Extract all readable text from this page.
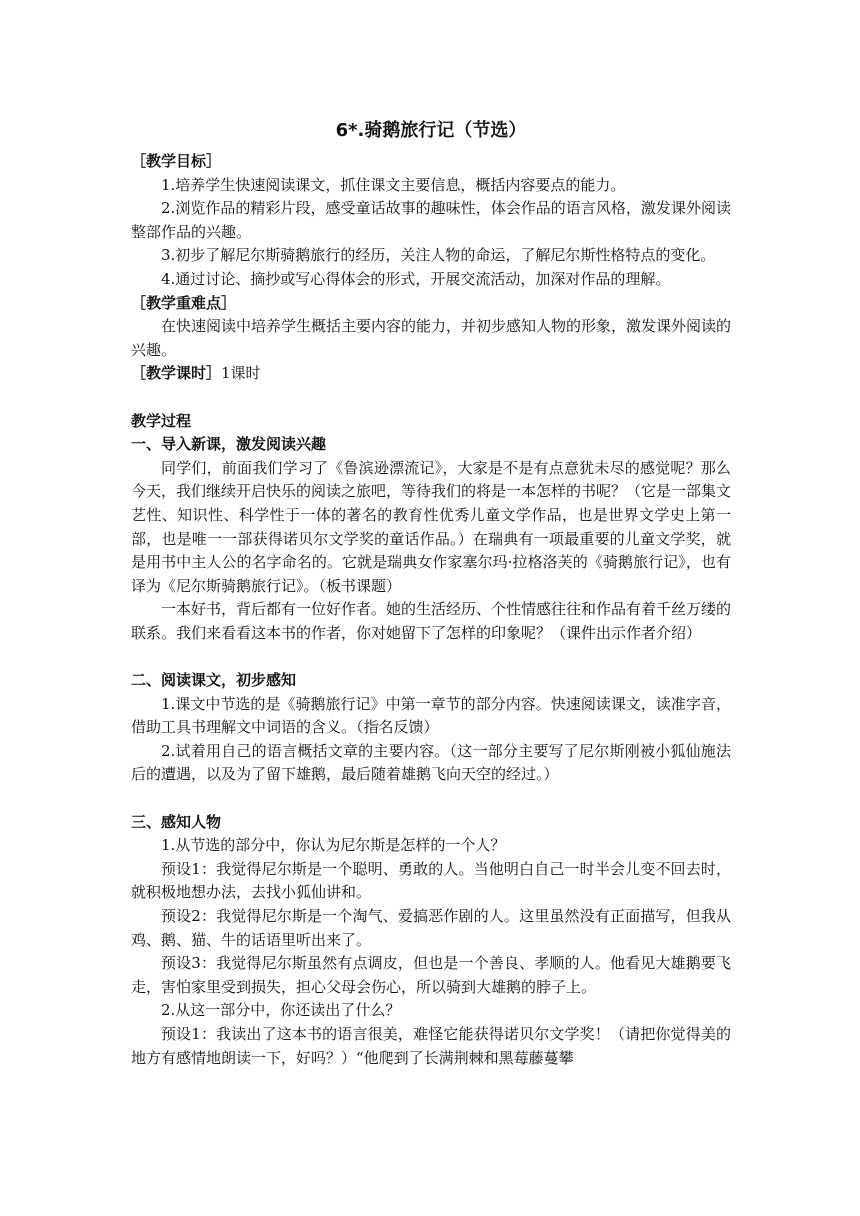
6*.骑鹅旅行记（节选）

［教学目标］

1.培养学生快速阅读课文，抓住课文主要信息，概括内容要点的能力。

2.浏览作品的精彩片段，感受童话故事的趣味性，体会作品的语言风格，激发课外阅读整部作品的兴趣。

3.初步了解尼尔斯骑鹅旅行的经历，关注人物的命运，了解尼尔斯性格特点的变化。

4.通过讨论、摘抄或写心得体会的形式，开展交流活动，加深对作品的理解。

［教学重难点］

在快速阅读中培养学生概括主要内容的能力，并初步感知人物的形象，激发课外阅读的兴趣。

［教学课时］1课时

教学过程

一、导入新课，激发阅读兴趣

同学们，前面我们学习了《鲁滨逊漂流记》，大家是不是有点意犹未尽的感觉呢？那么今天，我们继续开启快乐的阅读之旅吧，等待我们的将是一本怎样的书呢？（它是一部集文艺性、知识性、科学性于一体的著名的教育性优秀儿童文学作品，也是世界文学史上第一部，也是唯一一部获得诺贝尔文学奖的童话作品。）在瑞典有一项最重要的儿童文学奖，就是用书中主人公的名字命名的。它就是瑞典女作家塞尔玛·拉格洛芙的《骑鹅旅行记》，也有译为《尼尔斯骑鹅旅行记》。（板书课题）

一本好书，背后都有一位好作者。她的生活经历、个性情感往往和作品有着千丝万缕的联系。我们来看看这本书的作者，你对她留下了怎样的印象呢？（课件出示作者介绍）

二、阅读课文，初步感知

1.课文中节选的是《骑鹅旅行记》中第一章节的部分内容。快速阅读课文，读准字音，借助工具书理解文中词语的含义。（指名反馈）

2.试着用自己的语言概括文章的主要内容。（这一部分主要写了尼尔斯刚被小狐仙施法后的遭遇，以及为了留下雄鹅，最后随着雄鹅飞向天空的经过。）

三、感知人物

1.从节选的部分中，你认为尼尔斯是怎样的一个人？

预设1：我觉得尼尔斯是一个聪明、勇敢的人。当他明白自己一时半会儿变不回去时，就积极地想办法，去找小狐仙讲和。

预设2：我觉得尼尔斯是一个淘气、爱搞恶作剧的人。这里虽然没有正面描写，但我从鸡、鹅、猫、牛的话语里听出来了。

预设3：我觉得尼尔斯虽然有点调皮，但也是一个善良、孝顺的人。他看见大雄鹅要飞走，害怕家里受到损失，担心父母会伤心，所以骑到大雄鹅的脖子上。

2.从这一部分中，你还读出了什么？

预设1：我读出了这本书的语言很美，难怪它能获得诺贝尔文学奖！（请把你觉得美的地方有感情地朗读一下，好吗？）“他爬到了长满荆棘和黑莓藤蔓攀
